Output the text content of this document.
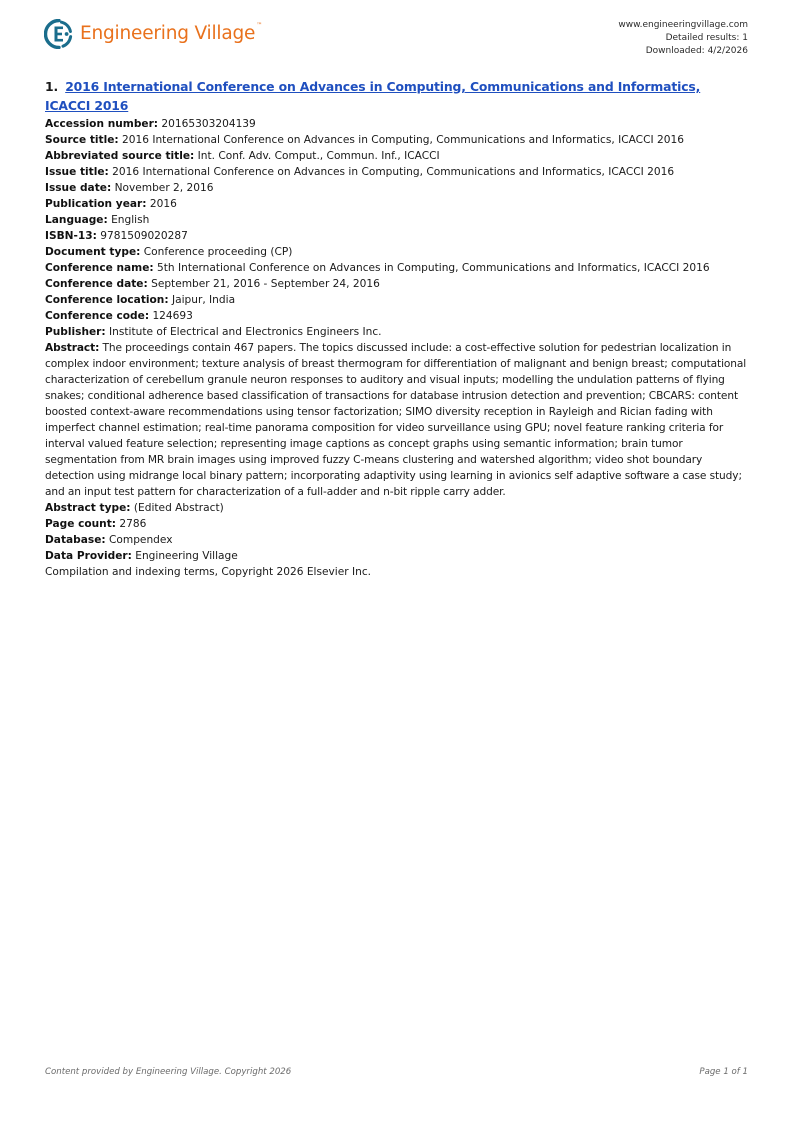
Engineering Village™	www.engineeringvillage.com
Detailed results: 1
Downloaded: 4/2/2026
1. 2016 International Conference on Advances in Computing, Communications and Informatics, ICACCI 2016
Accession number: 20165303204139
Source title: 2016 International Conference on Advances in Computing, Communications and Informatics, ICACCI 2016
Abbreviated source title: Int. Conf. Adv. Comput., Commun. Inf., ICACCI
Issue title: 2016 International Conference on Advances in Computing, Communications and Informatics, ICACCI 2016
Issue date: November 2, 2016
Publication year: 2016
Language: English
ISBN-13: 9781509020287
Document type: Conference proceeding (CP)
Conference name: 5th International Conference on Advances in Computing, Communications and Informatics, ICACCI 2016
Conference date: September 21, 2016 - September 24, 2016
Conference location: Jaipur, India
Conference code: 124693
Publisher: Institute of Electrical and Electronics Engineers Inc.
Abstract: The proceedings contain 467 papers. The topics discussed include: a cost-effective solution for pedestrian localization in complex indoor environment; texture analysis of breast thermogram for differentiation of malignant and benign breast; computational characterization of cerebellum granule neuron responses to auditory and visual inputs; modelling the undulation patterns of flying snakes; conditional adherence based classification of transactions for database intrusion detection and prevention; CBCARS: content boosted context-aware recommendations using tensor factorization; SIMO diversity reception in Rayleigh and Rician fading with imperfect channel estimation; real-time panorama composition for video surveillance using GPU; novel feature ranking criteria for interval valued feature selection; representing image captions as concept graphs using semantic information; brain tumor segmentation from MR brain images using improved fuzzy C-means clustering and watershed algorithm; video shot boundary detection using midrange local binary pattern; incorporating adaptivity using learning in avionics self adaptive software a case study; and an input test pattern for characterization of a full-adder and n-bit ripple carry adder.
Abstract type: (Edited Abstract)
Page count: 2786
Database: Compendex
Data Provider: Engineering Village
Compilation and indexing terms, Copyright 2026 Elsevier Inc.
Content provided by Engineering Village. Copyright 2026	Page 1 of 1
